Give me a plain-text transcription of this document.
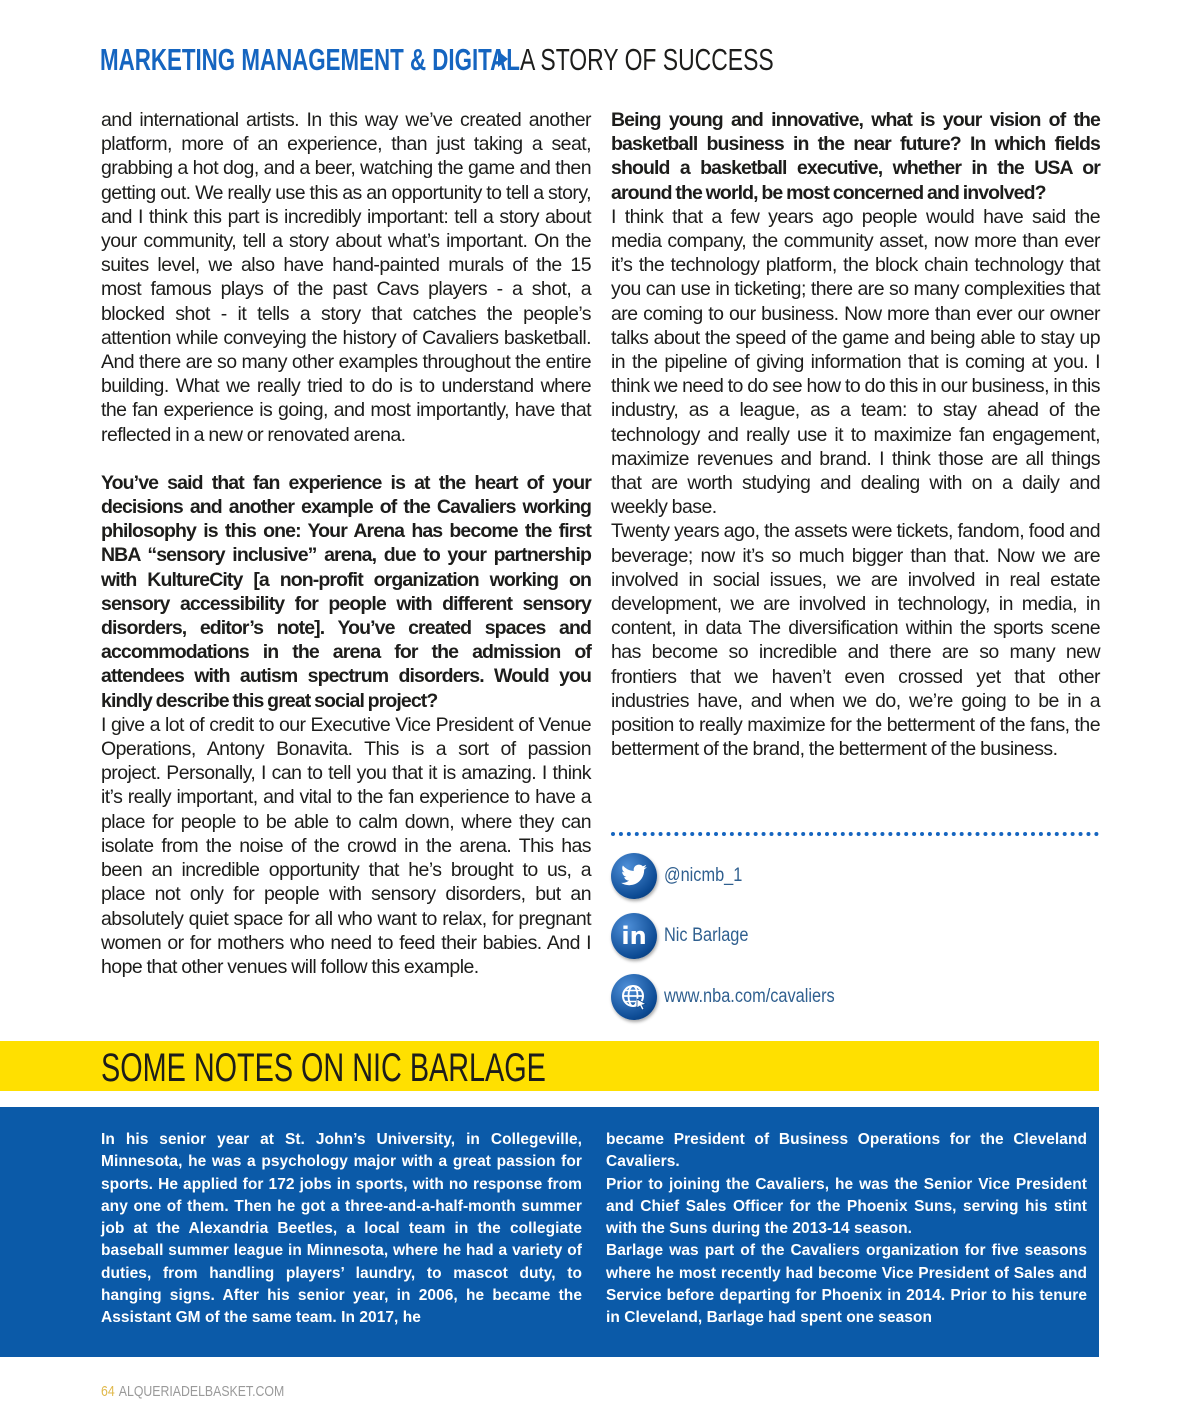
MARKETING MANAGEMENT & DIGITAL A STORY OF SUCCESS

and international artists. In this way we’ve created another platform, more of an experience, than just taking a seat, grabbing a hot dog, and a beer, watching the game and then getting out. We really use this as an opportunity to tell a story, and I think this part is incredibly important: tell a story about your community, tell a story about what’s important. On the suites level, we also have hand-painted murals of the 15 most famous plays of the past Cavs players - a shot, a blocked shot - it tells a story that catches the people’s attention while conveying the history of Cavaliers basketball. And there are so many other examples throughout the entire building. What we really tried to do is to understand where the fan experience is going, and most importantly, have that reflected in a new or renovated arena.

You’ve said that fan experience is at the heart of your decisions and another example of the Cavaliers working philosophy is this one: Your Arena has become the first NBA “sensory inclusive” arena, due to your partnership with KultureCity [a non-profit organization working on sensory accessibility for people with different sensory disorders, editor’s note]. You’ve created spaces and accommodations in the arena for the admission of attendees with autism spectrum disorders. Would you kindly describe this great social project?

I give a lot of credit to our Executive Vice President of Venue Operations, Antony Bonavita. This is a sort of passion project. Personally, I can to tell you that it is amazing. I think it’s really important, and vital to the fan experience to have a place for people to be able to calm down, where they can isolate from the noise of the crowd in the arena. This has been an incredible opportunity that he’s brought to us, a place not only for people with sensory disorders, but an absolutely quiet space for all who want to relax, for pregnant women or for mothers who need to feed their babies. And I hope that other venues will follow this example.

Being young and innovative, what is your vision of the basketball business in the near future? In which fields should a basketball executive, whether in the USA or around the world, be most concerned and involved?

I think that a few years ago people would have said the media company, the community asset, now more than ever it’s the technology platform, the block chain technology that you can use in ticketing; there are so many complexities that are coming to our business. Now more than ever our owner talks about the speed of the game and being able to stay up in the pipeline of giving information that is coming at you. I think we need to do see how to do this in our business, in this industry, as a league, as a team: to stay ahead of the technology and really use it to maximize fan engagement, maximize revenues and brand. I think those are all things that are worth studying and dealing with on a daily and weekly base.

Twenty years ago, the assets were tickets, fandom, food and beverage; now it’s so much bigger than that. Now we are involved in social issues, we are involved in real estate development, we are involved in technology, in media, in content, in data The diversification within the sports scene has become so incredible and there are so many new frontiers that we haven’t even crossed yet that other industries have, and when we do, we’re going to be in a position to really maximize for the betterment of the fans, the betterment of the brand, the betterment of the business.

@nicmb_1
in Nic Barlage
www.nba.com/cavaliers
SOME NOTES ON NIC BARLAGE

In his senior year at St. John’s University, in Collegeville, Minnesota, he was a psychology major with a great passion for sports. He applied for 172 jobs in sports, with no response from any one of them. Then he got a three-and-a-half-month summer job at the Alexandria Beetles, a local team in the collegiate baseball summer league in Minnesota, where he had a variety of duties, from handling players’ laundry, to mascot duty, to hanging signs. After his senior year, in 2006, he became the Assistant GM of the same team. In 2017, he

became President of Business Operations for the Cleveland Cavaliers.

Prior to joining the Cavaliers, he was the Senior Vice President and Chief Sales Officer for the Phoenix Suns, serving his stint with the Suns during the 2013-14 season.

Barlage was part of the Cavaliers organization for five seasons where he most recently had become Vice President of Sales and Service before departing for Phoenix in 2014. Prior to his tenure in Cleveland, Barlage had spent one season

64 ALQUERIADELBASKET.COM
